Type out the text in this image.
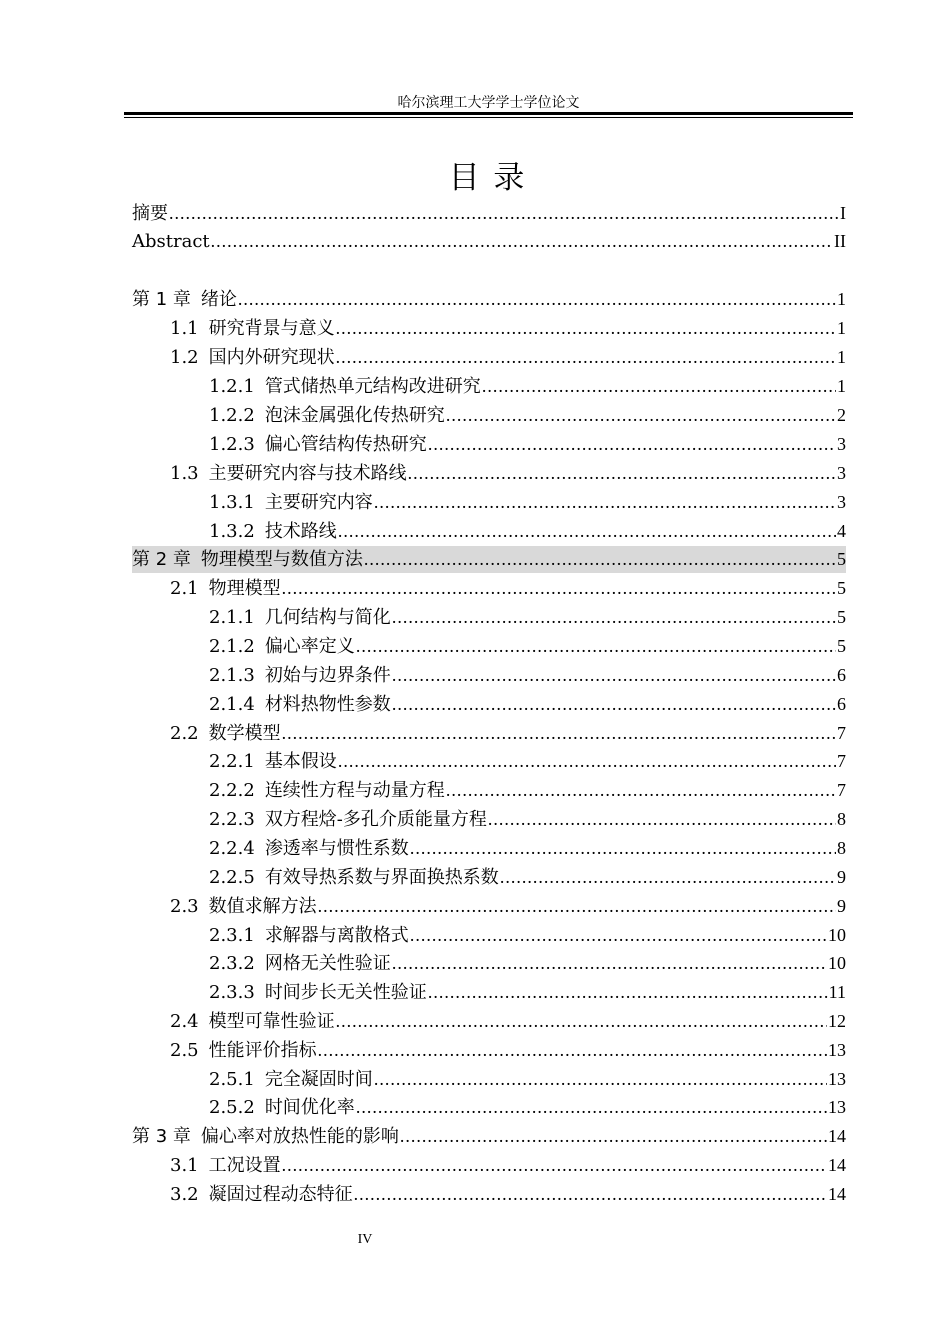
哈尔滨理工大学学士学位论文
目 录
摘要 .....	I
Abstract .....	II
第 1 章 绪论 .....	1
1.1 研究背景与意义 .....	1
1.2 国内外研究现状 .....	1
1.2.1 管式储热单元结构改进研究 .....	1
1.2.2 泡沫金属强化传热研究 .....	2
1.2.3 偏心管结构传热研究 .....	3
1.3 主要研究内容与技术路线 .....	3
1.3.1 主要研究内容 .....	3
1.3.2 技术路线 .....	4
第 2 章 物理模型与数值方法 .....	5
2.1 物理模型 .....	5
2.1.1 几何结构与简化 .....	5
2.1.2 偏心率定义 .....	5
2.1.3 初始与边界条件 .....	6
2.1.4 材料热物性参数 .....	6
2.2 数学模型 .....	7
2.2.1 基本假设 .....	7
2.2.2 连续性方程与动量方程 .....	7
2.2.3 双方程焓-多孔介质能量方程 .....	8
2.2.4 渗透率与惯性系数 .....	8
2.2.5 有效导热系数与界面换热系数 .....	9
2.3 数值求解方法 .....	9
2.3.1 求解器与离散格式 .....	10
2.3.2 网格无关性验证 .....	10
2.3.3 时间步长无关性验证 .....	11
2.4 模型可靠性验证 .....	12
2.5 性能评价指标 .....	13
2.5.1 完全凝固时间 .....	13
2.5.2 时间优化率 .....	13
第 3 章 偏心率对放热性能的影响 .....	14
3.1 工况设置 .....	14
3.2 凝固过程动态特征 .....	14
IV
